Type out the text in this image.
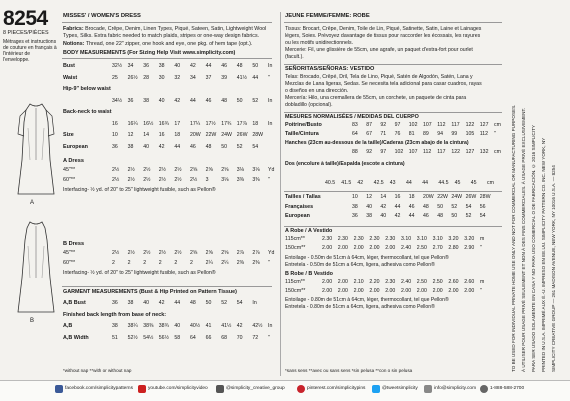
8254
8 PIECES/PIÈCES
Métrages et instructions
de couture en français à
l'intérieur de
l'enveloppe.
A
B
MISSES' / WOMEN'S DRESS
Fabrics: Brocade, Crêpe, Denim, Linen Types, Piqué, Sateen, Satin, Lightweight Wool
Types, Silks. Extra fabric needed to match plaids, stripes or one-way design fabrics.
Notions: Thread, one 22" zipper, one hook and eye, one pkg. of hem tape (opt.).
BODY MEASUREMENTS (For Sizing Help Visit www.simplicity.com)
Bust	32½ 34 36 38 40 42 44 46 48 50 In
Waist	25 26½ 28 30 32 34 37 39 41½ 44 "
Hip-9" below waist
34½ 36 38 40 42 44 46 48 50 52 In
Back-neck to waist
16 16¼ 16½ 16¾ 17 17¼ 17½ 17¾ 17⅞ 18 In
Size	10 12 14 16 18 20W 22W 24W 26W 28W
European	36 38 40 42 44 46 48 50 52 54
A Dress
45"**	2½ 2½ 2½ 2½ 2½ 2⅝ 2⅝ 2⅝ 3⅛ 3⅛ Yd
60"**	2½ 2½ 2½ 2½ 2½ 2½ 3 3⅛ 3⅜ 3⅜ "
Interfacing- ½ yd. of 20" to 25" lightweight fusible, such as Pellon®
B Dress
45"**	2½ 2½ 2½ 2½ 2½ 2⅝ 2⅝ 2⅝ 2⅞ 2⅞ Yd
60"**	2 2 2 2 2 2 2¼ 2¼ 2⅜ 2⅜ "
Interfacing- ½ yd. of 20" to 25" lightweight fusible, such as Pellon®
GARMENT MEASUREMENTS (Bust & Hip Printed on Pattern Tissue)
A,B Bust	36 38 40 42 44 48 50 52 54 In
Finished back length from base of neck:
A,B	38 38¼ 38⅜ 38¾ 40 40½ 41 41½ 42 42½ In
A,B Width	51 52½ 54½ 56½ 58 64 66 68 70 72 "
*without nap **with or without nap
JEUNE FEMME/FEMME: ROBE
Tissus: Brocart, Crêpe, Denim, Toile de Lin, Piqué, Satinette, Satin, Laine et Lainages
légers, Soies. Prévoyez davantage de tissus pour raccorder les écossais, les rayures
ou les motifs unidirectionnels.
Mercerie: Fil, une glissière de 55cm, une agrafe, un paquet d'extra-fort pour ourlet
(facult.).
SEÑORITAS/SEÑORAS: VESTIDO
Telas: Brocado, Crêpé, Dril, Tela de Lino, Piqué, Satén de Algodón, Satén, Lana y
Mezclas de Lana ligeras, Sedas. Se necesita tela adicional para casar cuadros, rayas
o diseños en una dirección.
Mercería: Hilo, una cremallera de 55cm, un corchete, un paquete de cinta para
dobladillo (opcional).
MESURES NORMALISÉES / MEDIDAS DEL CUERPO
Poitrine/Busto	83 87 92 97 102 107 112 117 122 127 cm
Taille/Cintura	64 67 71 76 81 89 94 99 105 112 "
Hanches (23cm au-dessous de la taille)/Caderas (23cm abajo de la cintura)
88 92 97 102 107 112 117 122 127 132 cm
Dos (encolure à taille)/Espalda (escote a cintura)
40.5 41.5 42 42.5 43 44 44 44.5 45 45 cm
Tailles / Tallas	10 12 14 16 18 20W 22W 24W 26W 28W
Françaises	38 40 42 44 46 48 50 52 54 56
European	36 38 40 42 44 46 48 50 52 54
A Robe / A Vestido
115cm**	2.30 2.30 2.30 2.30 2.30 3.10 3.10 3.10 3.20 3.20 m
150cm**	2.00 2.00 2.00 2.00 2.00 2.40 2.50 2.70 2.80 2.90 "
Entoilage - 0.50m de 51cm à 64cm, léger, thermocollant, tel que Pellon®
Entretela - 0.50m de 51cm a 64cm, ligera, adhesiva como Pellon®
B Robe / B Vestido
115cm**	2.00 2.00 2.10 2.20 2.30 2.40 2.50 2.50 2.60 2.60 m
150cm**	2.00 2.00 2.00 2.00 2.00 2.00 2.00 2.00 2.00 2.00 "
Entoilage - 0.80m de 51cm à 64cm, léger, thermocollant, tel que Pellon®
Entretela - 0.80m de 51cm a 64cm, ligera, adhesiva como Pellon®
*sans sens **avec ou sans sens *sin pelusa **con o sin pelusa	TO BE USED FOR INDIVIDUAL PRIVATE HOME USE ONLY AND NOT FOR COMMERCIAL OR MANUFACTURING PURPOSES. À UTILISER POUR USAGE PRIVÉ SEULEMENT ET NON À DES FINS COMMERCIALES. À USAGE PRIVÉ EXCLUSIVEMENT. PARA SER USADO SOLAMENTE EN CASA Y NO PARA USO COMERCIAL O DE FABRICACIÓN. © 2016 SIMPLICITY PRINTED IN U.S.A. IMPRIMÉ AUX É.-U. IMPRESO EN EE.UU. SIMPLICITY PATTERN CO. INC. NEW YORK, NY SIMPLICITY CREATIVE GROUP — 261 MADISON AVENUE, NEW YORK, NY 10016 U.S.A. — 8254
facebook.com/simplicitypatterns	youtube.com/simplicityvideo	@simplicity_creative_group	pinterest.com/simplicitypins	@tweetsimplicity	info@simplicity.com	1-888-588-2700
